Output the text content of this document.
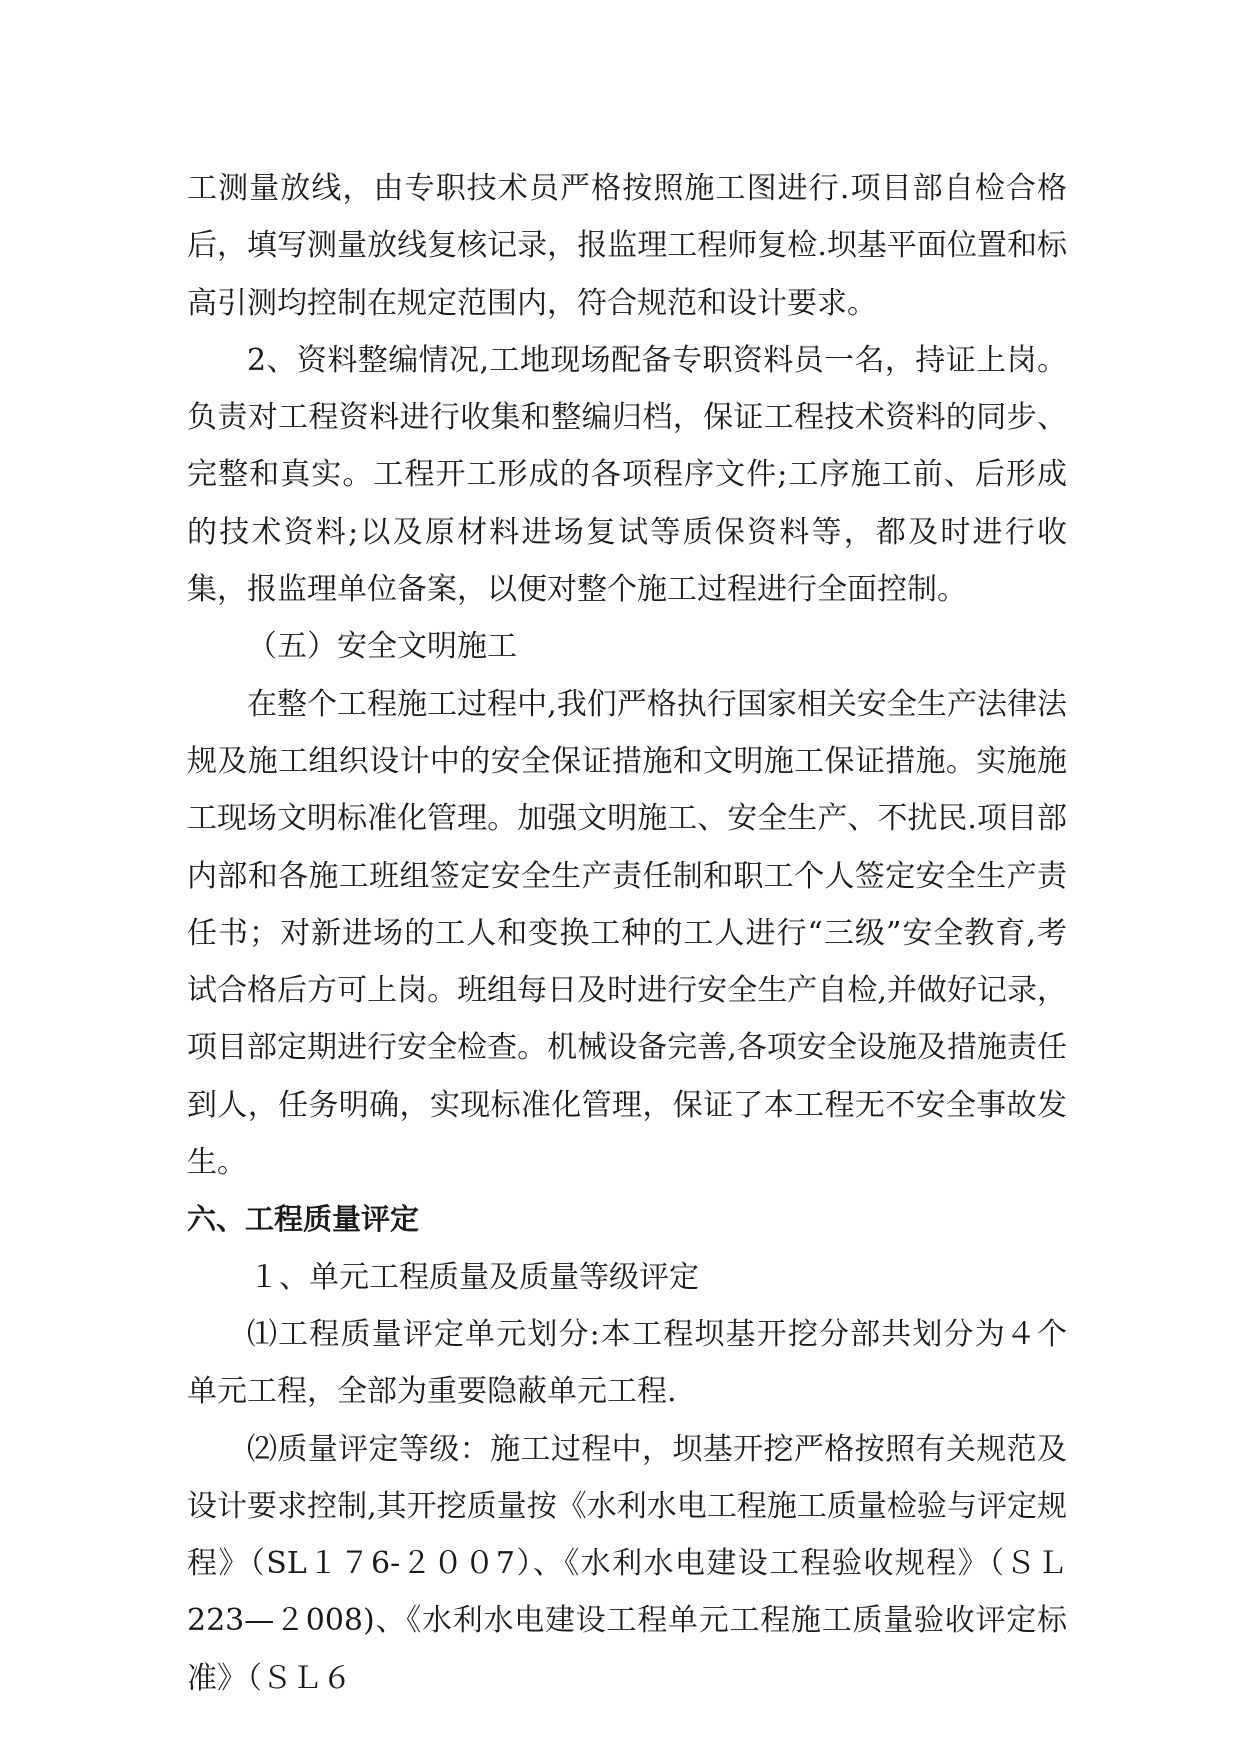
工测量放线，由专职技术员严格按照施工图进行.项目部自检合格后，填写测量放线复核记录，报监理工程师复检.坝基平面位置和标高引测均控制在规定范围内，符合规范和设计要求。

2、资料整编情况,工地现场配备专职资料员一名，持证上岗。负责对工程资料进行收集和整编归档，保证工程技术资料的同步、完整和真实。工程开工形成的各项程序文件;工序施工前、后形成的技术资料;以及原材料进场复试等质保资料等，都及时进行收集，报监理单位备案，以便对整个施工过程进行全面控制。

（五）安全文明施工

在整个工程施工过程中,我们严格执行国家相关安全生产法律法规及施工组织设计中的安全保证措施和文明施工保证措施。实施施工现场文明标准化管理。加强文明施工、安全生产、不扰民.项目部内部和各施工班组签定安全生产责任制和职工个人签定安全生产责任书；对新进场的工人和变换工种的工人进行“三级”安全教育,考试合格后方可上岗。班组每日及时进行安全生产自检,并做好记录，项目部定期进行安全检查。机械设备完善,各项安全设施及措施责任到人，任务明确，实现标准化管理，保证了本工程无不安全事故发生。

六、工程质量评定

１、单元工程质量及质量等级评定

⑴工程质量评定单元划分:本工程坝基开挖分部共划分为４个单元工程，全部为重要隐蔽单元工程.

⑵质量评定等级：施工过程中，坝基开挖严格按照有关规范及设计要求控制,其开挖质量按《水利水电工程施工质量检验与评定规程》（SL１７6-２００7）、《水利水电建设工程验收规程》（ＳＬ223—２008)、《水利水电建设工程单元工程施工质量验收评定标准》（ＳＬ６
